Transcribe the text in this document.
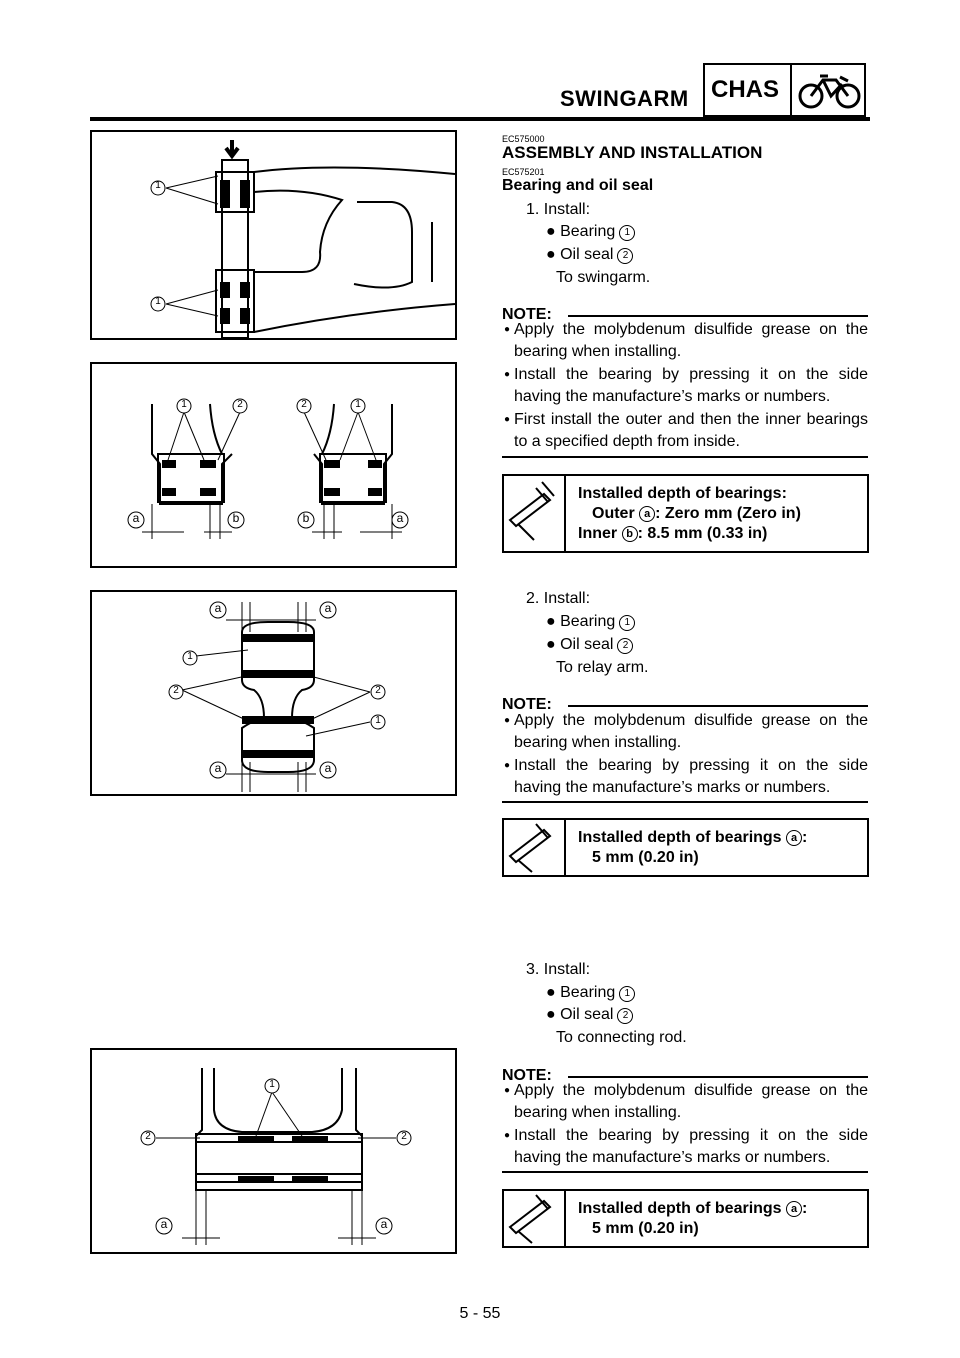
SWINGARM CHAS
1
1
1	2	2	1
a	b	b	a
a	a
1
2	2
1
a	a
1
2	2
a	a
EC575000
ASSEMBLY AND INSTALLATION
EC575201
Bearing and oil seal
1. Install:
● Bearing 1
● Oil seal 2
To swingarm.
NOTE:
● Apply the molybdenum disulfide grease on the bearing when installing.
● Install the bearing by pressing it on the side having the manufacture’s marks or numbers.
● First install the outer and then the inner bearings to a specified depth from inside.
Installed depth of bearings:
Outer a : Zero mm (Zero in)
Inner b : 8.5 mm (0.33 in)
2. Install:
● Bearing 1
● Oil seal 2
To relay arm.
NOTE:
● Apply the molybdenum disulfide grease on the bearing when installing.
● Install the bearing by pressing it on the side having the manufacture’s marks or numbers.
Installed depth of bearings a :
5 mm (0.20 in)
3. Install:
● Bearing 1
● Oil seal 2
To connecting rod.
NOTE:
● Apply the molybdenum disulfide grease on the bearing when installing.
● Install the bearing by pressing it on the side having the manufacture’s marks or numbers.
Installed depth of bearings a :
5 mm (0.20 in)
5 - 55
